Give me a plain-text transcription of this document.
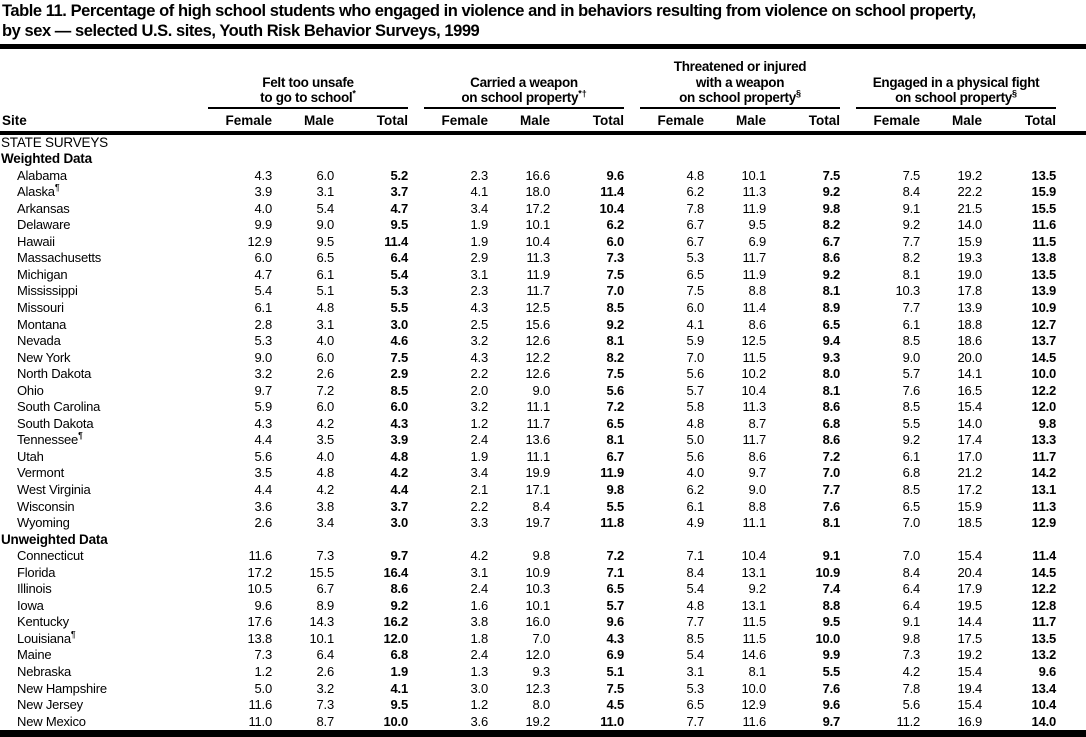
Table 11. Percentage of high school students who engaged in violence and in behaviors resulting from violence on school property,
by sex — selected U.S. sites, Youth Risk Behavior Surveys, 1999

	Felt too unsafe
to go to school*			Carried a weapon
on school property*†			Threatened or injured
with a weapon
on school property§			Engaged in a physical fight
on school property§

Site	Female	Male	Total	Female	Male	Total	Female	Male	Total	Female	Male	Total
STATE SURVEYS												
Weighted Data												
Alabama	4.3	6.0	5.2	2.3	16.6	9.6	4.8	10.1	7.5	7.5	19.2	13.5
Alaska¶	3.9	3.1	3.7	4.1	18.0	11.4	6.2	11.3	9.2	8.4	22.2	15.9
Arkansas	4.0	5.4	4.7	3.4	17.2	10.4	7.8	11.9	9.8	9.1	21.5	15.5
Delaware	9.9	9.0	9.5	1.9	10.1	6.2	6.7	9.5	8.2	9.2	14.0	11.6
Hawaii	12.9	9.5	11.4	1.9	10.4	6.0	6.7	6.9	6.7	7.7	15.9	11.5
Massachusetts	6.0	6.5	6.4	2.9	11.3	7.3	5.3	11.7	8.6	8.2	19.3	13.8
Michigan	4.7	6.1	5.4	3.1	11.9	7.5	6.5	11.9	9.2	8.1	19.0	13.5
Mississippi	5.4	5.1	5.3	2.3	11.7	7.0	7.5	8.8	8.1	10.3	17.8	13.9
Missouri	6.1	4.8	5.5	4.3	12.5	8.5	6.0	11.4	8.9	7.7	13.9	10.9
Montana	2.8	3.1	3.0	2.5	15.6	9.2	4.1	8.6	6.5	6.1	18.8	12.7
Nevada	5.3	4.0	4.6	3.2	12.6	8.1	5.9	12.5	9.4	8.5	18.6	13.7
New York	9.0	6.0	7.5	4.3	12.2	8.2	7.0	11.5	9.3	9.0	20.0	14.5
North Dakota	3.2	2.6	2.9	2.2	12.6	7.5	5.6	10.2	8.0	5.7	14.1	10.0
Ohio	9.7	7.2	8.5	2.0	9.0	5.6	5.7	10.4	8.1	7.6	16.5	12.2
South Carolina	5.9	6.0	6.0	3.2	11.1	7.2	5.8	11.3	8.6	8.5	15.4	12.0
South Dakota	4.3	4.2	4.3	1.2	11.7	6.5	4.8	8.7	6.8	5.5	14.0	9.8
Tennessee¶	4.4	3.5	3.9	2.4	13.6	8.1	5.0	11.7	8.6	9.2	17.4	13.3
Utah	5.6	4.0	4.8	1.9	11.1	6.7	5.6	8.6	7.2	6.1	17.0	11.7
Vermont	3.5	4.8	4.2	3.4	19.9	11.9	4.0	9.7	7.0	6.8	21.2	14.2
West Virginia	4.4	4.2	4.4	2.1	17.1	9.8	6.2	9.0	7.7	8.5	17.2	13.1
Wisconsin	3.6	3.8	3.7	2.2	8.4	5.5	6.1	8.8	7.6	6.5	15.9	11.3
Wyoming	2.6	3.4	3.0	3.3	19.7	11.8	4.9	11.1	8.1	7.0	18.5	12.9
Unweighted Data												
Connecticut	11.6	7.3	9.7	4.2	9.8	7.2	7.1	10.4	9.1	7.0	15.4	11.4
Florida	17.2	15.5	16.4	3.1	10.9	7.1	8.4	13.1	10.9	8.4	20.4	14.5
Illinois	10.5	6.7	8.6	2.4	10.3	6.5	5.4	9.2	7.4	6.4	17.9	12.2
Iowa	9.6	8.9	9.2	1.6	10.1	5.7	4.8	13.1	8.8	6.4	19.5	12.8
Kentucky	17.6	14.3	16.2	3.8	16.0	9.6	7.7	11.5	9.5	9.1	14.4	11.7
Louisiana¶	13.8	10.1	12.0	1.8	7.0	4.3	8.5	11.5	10.0	9.8	17.5	13.5
Maine	7.3	6.4	6.8	2.4	12.0	6.9	5.4	14.6	9.9	7.3	19.2	13.2
Nebraska	1.2	2.6	1.9	1.3	9.3	5.1	3.1	8.1	5.5	4.2	15.4	9.6
New Hampshire	5.0	3.2	4.1	3.0	12.3	7.5	5.3	10.0	7.6	7.8	19.4	13.4
New Jersey	11.6	7.3	9.5	1.2	8.0	4.5	6.5	12.9	9.6	5.6	15.4	10.4
New Mexico	11.0	8.7	10.0	3.6	19.2	11.0	7.7	11.6	9.7	11.2	16.9	14.0
